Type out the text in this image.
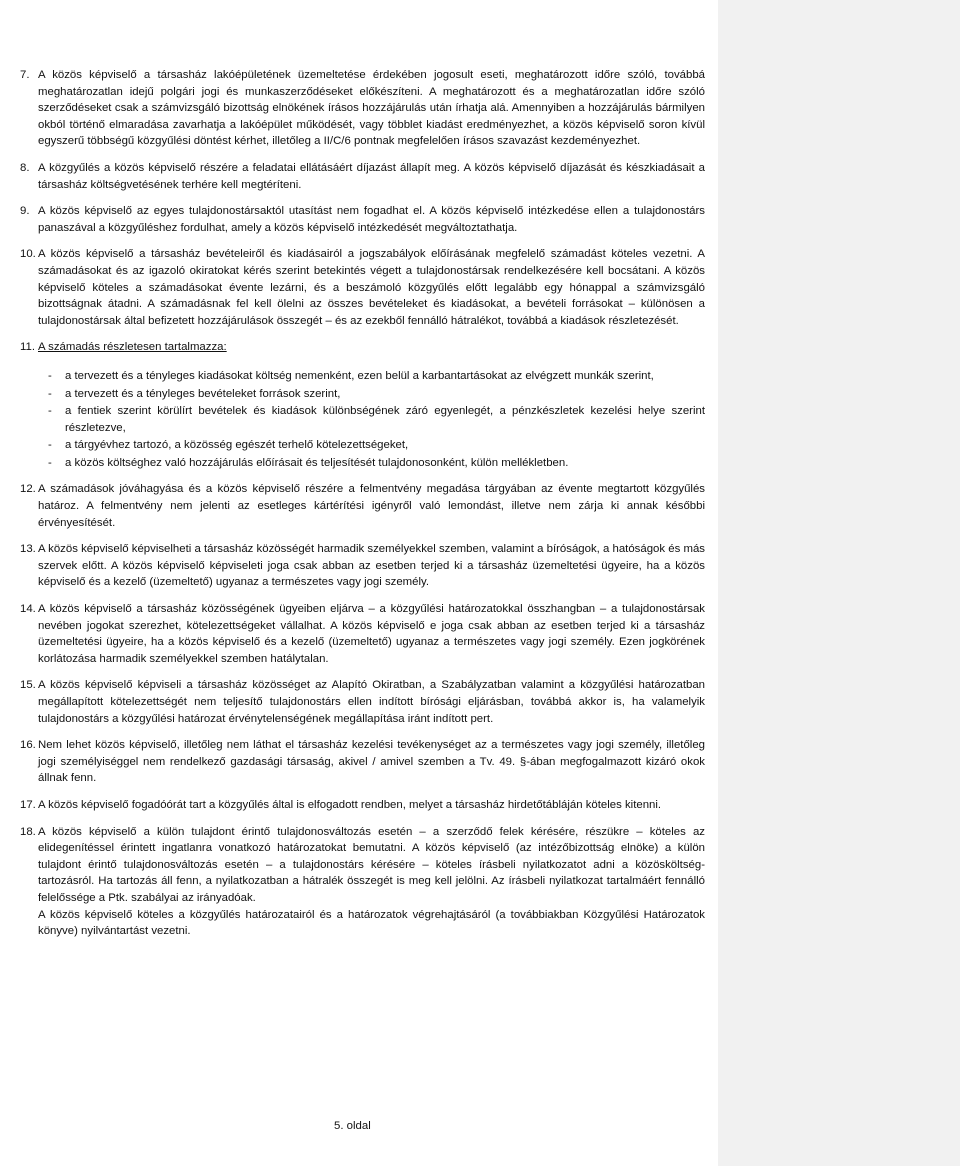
7. A közös képviselő a társasház lakóépületének üzemeltetése érdekében jogosult eseti, meghatározott időre szóló, továbbá meghatározatlan idejű polgári jogi és munkaszerződéseket előkészíteni. A meghatározott és a meghatározatlan időre szóló szerződéseket csak a számvizsgáló bizottság elnökének írásos hozzájárulás után írhatja alá. Amennyiben a hozzájárulás bármilyen okból történő elmaradása zavarhatja a lakóépület működését, vagy többlet kiadást eredményezhet, a közös képviselő soron kívül egyszerű többségű közgyűlési döntést kérhet, illetőleg a II/C/6 pontnak megfelelően írásos szavazást kezdeményezhet.

8. A közgyűlés a közös képviselő részére a feladatai ellátásáért díjazást állapít meg. A közös képviselő díjazását és készkiadásait a társasház költségvetésének terhére kell megtéríteni.

9. A közös képviselő az egyes tulajdonostársaktól utasítást nem fogadhat el. A közös képviselő intézkedése ellen a tulajdonostárs panaszával a közgyűléshez fordulhat, amely a közös képviselő intézkedését megváltoztathatja.

10. A közös képviselő a társasház bevételeiről és kiadásairól a jogszabályok előírásának megfelelő számadást köteles vezetni. A számadásokat és az igazoló okiratokat kérés szerint betekintés végett a tulajdonostársak rendelkezésére kell bocsátani. A közös képviselő köteles a számadásokat évente lezárni, és a beszámoló közgyűlés előtt legalább egy hónappal a számvizsgáló bizottságnak átadni. A számadásnak fel kell ölelni az összes bevételeket és kiadásokat, a bevételi forrásokat – különösen a tulajdonostársak által befizetett hozzájárulások összegét – és az ezekből fennálló hátralékot, továbbá a kiadások részletezését.

11. A számadás részletesen tartalmazza:

- a tervezett és a tényleges kiadásokat költség nemenként, ezen belül a karbantartásokat az elvégzett munkák szerint,
- a tervezett és a tényleges bevételeket források szerint,
- a fentiek szerint körülírt bevételek és kiadások különbségének záró egyenlegét, a pénzkészletek kezelési helye szerint részletezve,
- a tárgyévhez tartozó, a közösség egészét terhelő kötelezettségeket,
- a közös költséghez való hozzájárulás előírásait és teljesítését tulajdonosonként, külön mellékletben.
12. A számadások jóváhagyása és a közös képviselő részére a felmentvény megadása tárgyában az évente megtartott közgyűlés határoz. A felmentvény nem jelenti az esetleges kártérítési igényről való lemondást, illetve nem zárja ki annak későbbi érvényesítését.

13. A közös képviselő képviselheti a társasház közösségét harmadik személyekkel szemben, valamint a bíróságok, a hatóságok és más szervek előtt. A közös képviselő képviseleti joga csak abban az esetben terjed ki a társasház üzemeltetési ügyeire, ha a közös képviselő és a kezelő (üzemeltető) ugyanaz a természetes vagy jogi személy.

14. A közös képviselő a társasház közösségének ügyeiben eljárva – a közgyűlési határozatokkal összhangban – a tulajdonostársak nevében jogokat szerezhet, kötelezettségeket vállalhat. A közös képviselő e joga csak abban az esetben terjed ki a társasház üzemeltetési ügyeire, ha a közös képviselő és a kezelő (üzemeltető) ugyanaz a természetes vagy jogi személy. Ezen jogkörének korlátozása harmadik személyekkel szemben hatálytalan.

15. A közös képviselő képviseli a társasház közösséget az Alapító Okiratban, a Szabályzatban valamint a közgyűlési határozatban megállapított kötelezettségét nem teljesítő tulajdonostárs ellen indított bírósági eljárásban, továbbá akkor is, ha valamelyik tulajdonostárs a közgyűlési határozat érvénytelenségének megállapítása iránt indított pert.

16. Nem lehet közös képviselő, illetőleg nem láthat el társasház kezelési tevékenységet az a természetes vagy jogi személy, illetőleg jogi személyiséggel nem rendelkező gazdasági társaság, akivel / amivel szemben a Tv. 49. §-ában megfogalmazott kizáró okok állnak fenn.

17. A közös képviselő fogadóórát tart a közgyűlés által is elfogadott rendben, melyet a társasház hirdetőtábláján köteles kitenni.

18. A közös képviselő a külön tulajdont érintő tulajdonosváltozás esetén – a szerződő felek kérésére, részükre – köteles az elidegenítéssel érintett ingatlanra vonatkozó határozatokat bemutatni. A közös képviselő (az intézőbizottság elnöke) a külön tulajdont érintő tulajdonosváltozás esetén – a tulajdonostárs kérésére – köteles írásbeli nyilatkozatot adni a közösköltség-tartozásról. Ha tartozás áll fenn, a nyilatkozatban a hátralék összegét is meg kell jelölni. Az írásbeli nyilatkozat tartalmáért fennálló felelőssége a Ptk. szabályai az irányadóak.

A közös képviselő köteles a közgyűlés határozatairól és a határozatok végrehajtásáról (a továbbiakban Közgyűlési Határozatok könyve) nyilvántartást vezetni.

5. oldal
